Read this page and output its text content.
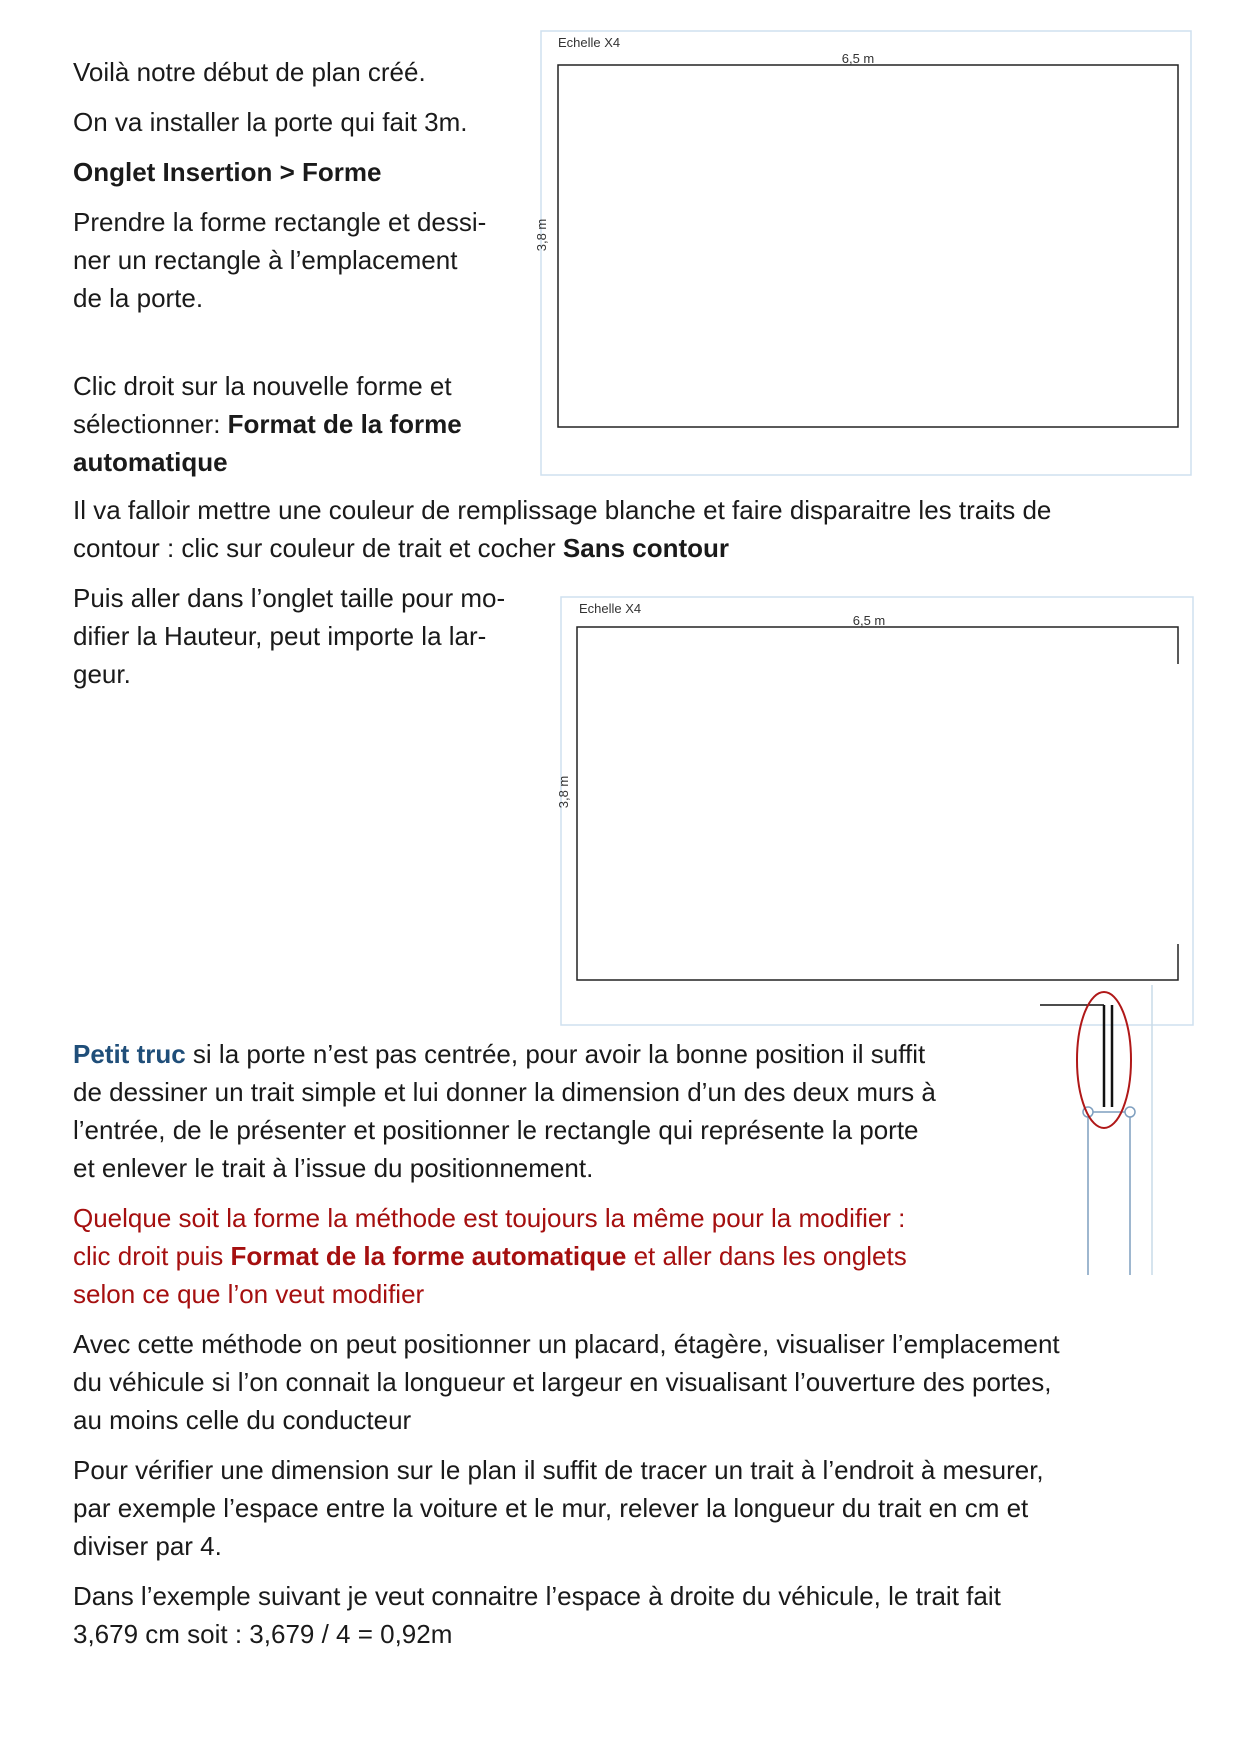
Voilà notre début de plan créé.

On va installer la porte qui fait 3m.

Onglet Insertion > Forme

Prendre la forme rectangle et dessi-
ner un rectangle à l’emplacement
de la porte.

Clic droit sur la nouvelle forme et
sélectionner: Format de la forme
automatique

Il va falloir mettre une couleur de remplissage blanche et faire disparaitre les traits de
contour : clic sur couleur de trait et cocher Sans contour

Puis aller dans l’onglet taille pour mo-
difier la Hauteur, peut importe la lar-
geur.

Petit truc si la porte n’est pas centrée, pour avoir la bonne position il suffit
de dessiner un trait simple et lui donner la dimension d’un des deux murs à
l’entrée, de le présenter et positionner le rectangle qui représente la porte
et enlever le trait à l’issue du positionnement.

Quelque soit la forme la méthode est toujours la même pour la modifier :
clic droit puis Format de la forme automatique et aller dans les onglets
selon ce que l’on veut modifier

Avec cette méthode on peut positionner un placard, étagère, visualiser l’emplacement
du véhicule si l’on connait la longueur et largeur en visualisant l’ouverture des portes,
au moins celle du conducteur

Pour vérifier une dimension sur le plan il suffit de tracer un trait à l’endroit à mesurer,
par exemple l’espace entre la voiture et le mur, relever la longueur du trait en cm et
diviser par 4.

Dans l’exemple suivant je veut connaitre l’espace à droite du véhicule, le trait fait
3,679 cm soit : 3,679 / 4 = 0,92m

Echelle X4
6,5 m
3,8 m
Echelle X4
6,5 m
3,8 m
